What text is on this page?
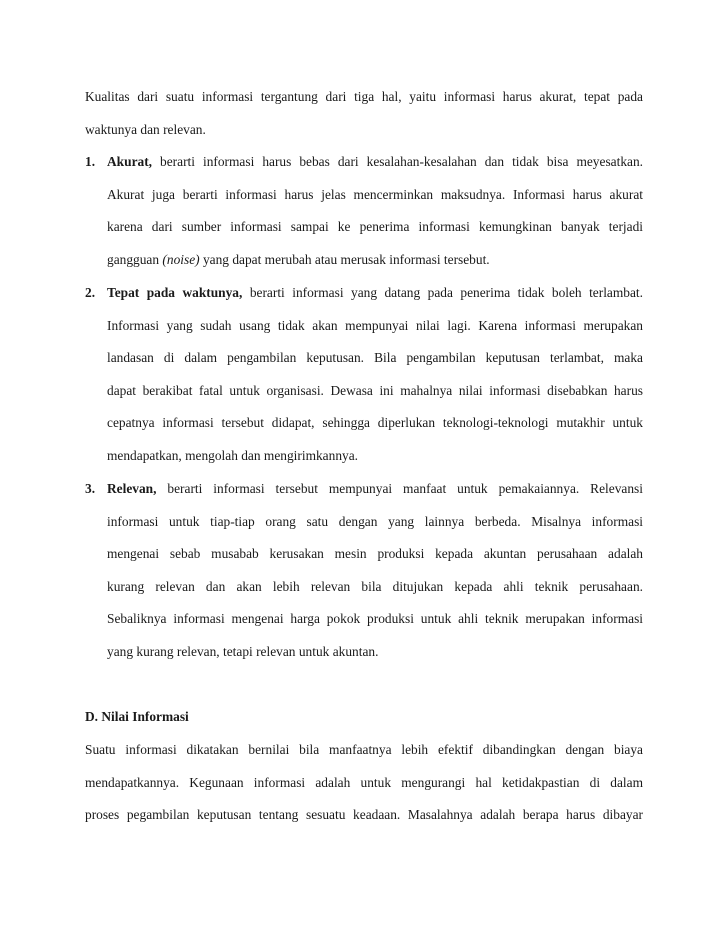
Kualitas dari suatu informasi tergantung dari tiga hal, yaitu informasi harus akurat, tepat pada
waktunya dan relevan.
1. Akurat, berarti informasi harus bebas dari kesalahan-kesalahan dan tidak bisa meyesatkan.
Akurat juga berarti informasi harus jelas mencerminkan maksudnya. Informasi harus akurat
karena dari sumber informasi sampai ke penerima informasi kemungkinan banyak terjadi
gangguan (noise) yang dapat merubah atau merusak informasi tersebut.
2. Tepat pada waktunya, berarti informasi yang datang pada penerima tidak boleh terlambat.
Informasi yang sudah usang tidak akan mempunyai nilai lagi. Karena informasi merupakan
landasan di dalam pengambilan keputusan. Bila pengambilan keputusan terlambat, maka
dapat berakibat fatal untuk organisasi. Dewasa ini mahalnya nilai informasi disebabkan harus
cepatnya informasi tersebut didapat, sehingga diperlukan teknologi-teknologi mutakhir untuk
mendapatkan, mengolah dan mengirimkannya.
3. Relevan, berarti informasi tersebut mempunyai manfaat untuk pemakaiannya. Relevansi
informasi untuk tiap-tiap orang satu dengan yang lainnya berbeda. Misalnya informasi
mengenai sebab musabab kerusakan mesin produksi kepada akuntan perusahaan adalah
kurang relevan dan akan lebih relevan bila ditujukan kepada ahli teknik perusahaan.
Sebaliknya informasi mengenai harga pokok produksi untuk ahli teknik merupakan informasi
yang kurang relevan, tetapi relevan untuk akuntan.
D. Nilai Informasi
Suatu informasi dikatakan bernilai bila manfaatnya lebih efektif dibandingkan dengan biaya
mendapatkannya. Kegunaan informasi adalah untuk mengurangi hal ketidakpastian di dalam
proses pegambilan keputusan tentang sesuatu keadaan. Masalahnya adalah berapa harus dibayar
